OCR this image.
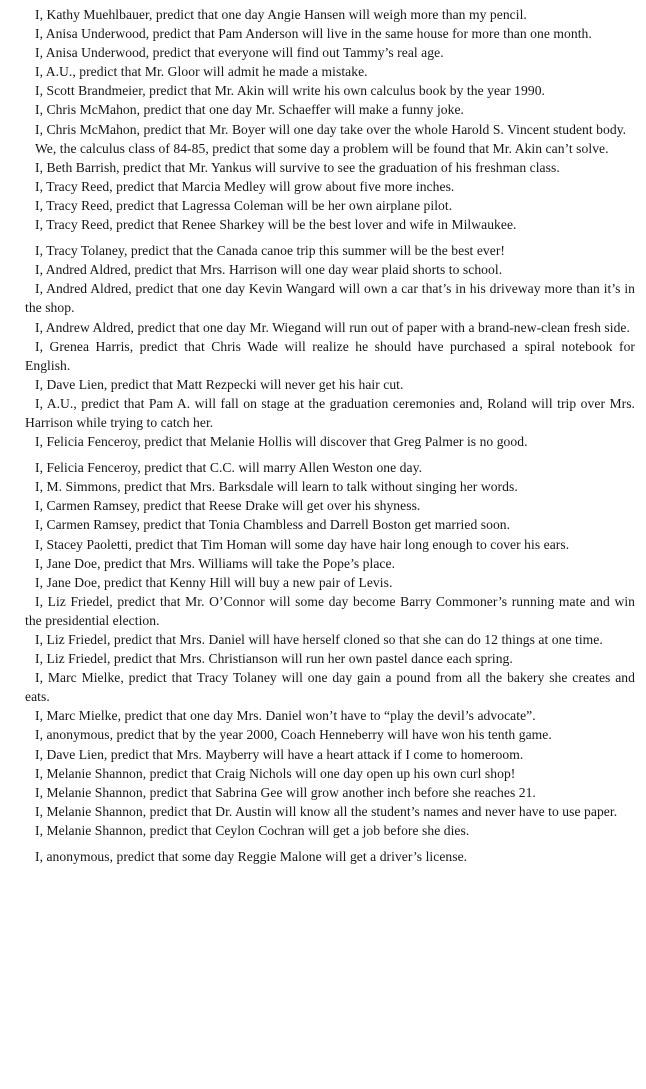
I, Kathy Muehlbauer, predict that one day Angie Hansen will weigh more than my pencil.

I, Anisa Underwood, predict that Pam Anderson will live in the same house for more than one month.

I, Anisa Underwood, predict that everyone will find out Tammy’s real age.

I, A.U., predict that Mr. Gloor will admit he made a mistake.

I, Scott Brandmeier, predict that Mr. Akin will write his own calculus book by the year 1990.

I, Chris McMahon, predict that one day Mr. Schaeffer will make a funny joke.

I, Chris McMahon, predict that Mr. Boyer will one day take over the whole Harold S. Vincent student body.

We, the calculus class of 84-85, predict that some day a problem will be found that Mr. Akin can’t solve.

I, Beth Barrish, predict that Mr. Yankus will survive to see the graduation of his freshman class.

I, Tracy Reed, predict that Marcia Medley will grow about five more inches.

I, Tracy Reed, predict that Lagressa Coleman will be her own airplane pilot.

I, Tracy Reed, predict that Renee Sharkey will be the best lover and wife in Milwaukee.

I, Tracy Tolaney, predict that the Canada canoe trip this summer will be the best ever!

I, Andred Aldred, predict that Mrs. Harrison will one day wear plaid shorts to school.

I, Andred Aldred, predict that one day Kevin Wangard will own a car that’s in his driveway more than it’s in the shop.

I, Andrew Aldred, predict that one day Mr. Wiegand will run out of paper with a brand-new-clean fresh side.

I, Grenea Harris, predict that Chris Wade will realize he should have purchased a spiral notebook for English.

I, Dave Lien, predict that Matt Rezpecki will never get his hair cut.

I, A.U., predict that Pam A. will fall on stage at the graduation ceremonies and, Roland will trip over Mrs. Harrison while trying to catch her.

I, Felicia Fenceroy, predict that Melanie Hollis will discover that Greg Palmer is no good.

I, Felicia Fenceroy, predict that C.C. will marry Allen Weston one day.

I, M. Simmons, predict that Mrs. Barksdale will learn to talk without singing her words.

I, Carmen Ramsey, predict that Reese Drake will get over his shyness.

I, Carmen Ramsey, predict that Tonia Chambless and Darrell Boston get married soon.

I, Stacey Paoletti, predict that Tim Homan will some day have hair long enough to cover his ears.

I, Jane Doe, predict that Mrs. Williams will take the Pope’s place.

I, Jane Doe, predict that Kenny Hill will buy a new pair of Levis.

I, Liz Friedel, predict that Mr. O’Connor will some day become Barry Commoner’s running mate and win the presidential election.

I, Liz Friedel, predict that Mrs. Daniel will have herself cloned so that she can do 12 things at one time.

I, Liz Friedel, predict that Mrs. Christianson will run her own pastel dance each spring.

I, Marc Mielke, predict that Tracy Tolaney will one day gain a pound from all the bakery she creates and eats.

I, Marc Mielke, predict that one day Mrs. Daniel won’t have to “play the devil’s advocate”.

I, anonymous, predict that by the year 2000, Coach Henneberry will have won his tenth game.

I, Dave Lien, predict that Mrs. Mayberry will have a heart attack if I come to homeroom.

I, Melanie Shannon, predict that Craig Nichols will one day open up his own curl shop!

I, Melanie Shannon, predict that Sabrina Gee will grow another inch before she reaches 21.

I, Melanie Shannon, predict that Dr. Austin will know all the student’s names and never have to use paper.

I, Melanie Shannon, predict that Ceylon Cochran will get a job before she dies.

I, anonymous, predict that some day Reggie Malone will get a driver’s license.
